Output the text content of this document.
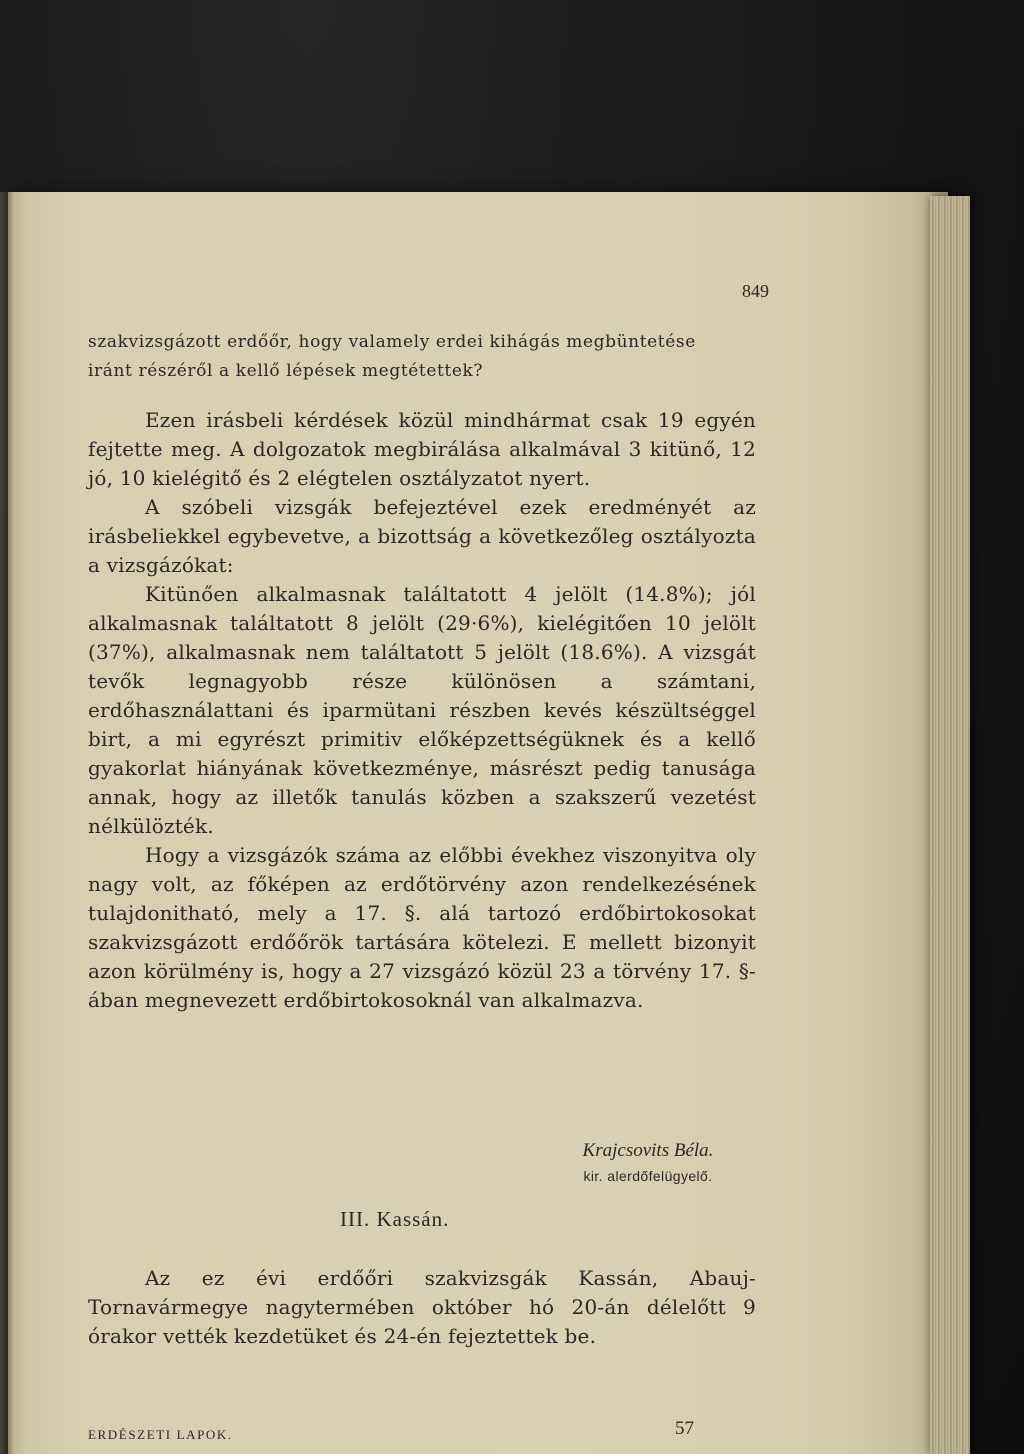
849

szakvizsgázott erdőőr, hogy valamely erdei kihágás megbüntetése

iránt részéről a kellő lépések megtétettek?

Ezen irásbeli kérdések közül mindhármat csak 19 egyén fejtette meg. A dolgozatok megbirálása alkalmával 3 kitünő, 12 jó, 10 kielégitő és 2 elégtelen osztályzatot nyert.

A szóbeli vizsgák befejeztével ezek eredményét az irásbeliekkel egybevetve, a bizottság a következőleg osztályozta a vizsgázókat:

Kitünően alkalmasnak találtatott 4 jelölt (14.8%); jól alkalmasnak találtatott 8 jelölt (29·6%), kielégitően 10 jelölt (37%), alkalmasnak nem találtatott 5 jelölt (18.6%). A vizsgát tevők legnagyobb része különösen a számtani, erdőhasználattani és iparmütani részben kevés készültséggel birt, a mi egyrészt primitiv előképzettségüknek és a kellő gyakorlat hiányának következménye, másrészt pedig tanusága annak, hogy az illetők tanulás közben a szakszerű vezetést nélkülözték.

Hogy a vizsgázók száma az előbbi évekhez viszonyitva oly nagy volt, az főképen az erdőtörvény azon rendelkezésének tulajdonitható, mely a 17. §. alá tartozó erdőbirtokosokat szakvizsgázott erdőőrök tartására kötelezi. E mellett bizonyit azon körülmény is, hogy a 27 vizsgázó közül 23 a törvény 17. §-ában megnevezett erdőbirtokosoknál van alkalmazva.

Krajcsovits Béla.
kir. alerdőfelügyelő.
III. Kassán.

Az ez évi erdőőri szakvizsgák Kassán, Abauj-Tornavármegye nagytermében október hó 20-án délelőtt 9 órakor vették kezdetüket és 24-én fejeztettek be.

ERDÉSZETI LAPOK.	57
